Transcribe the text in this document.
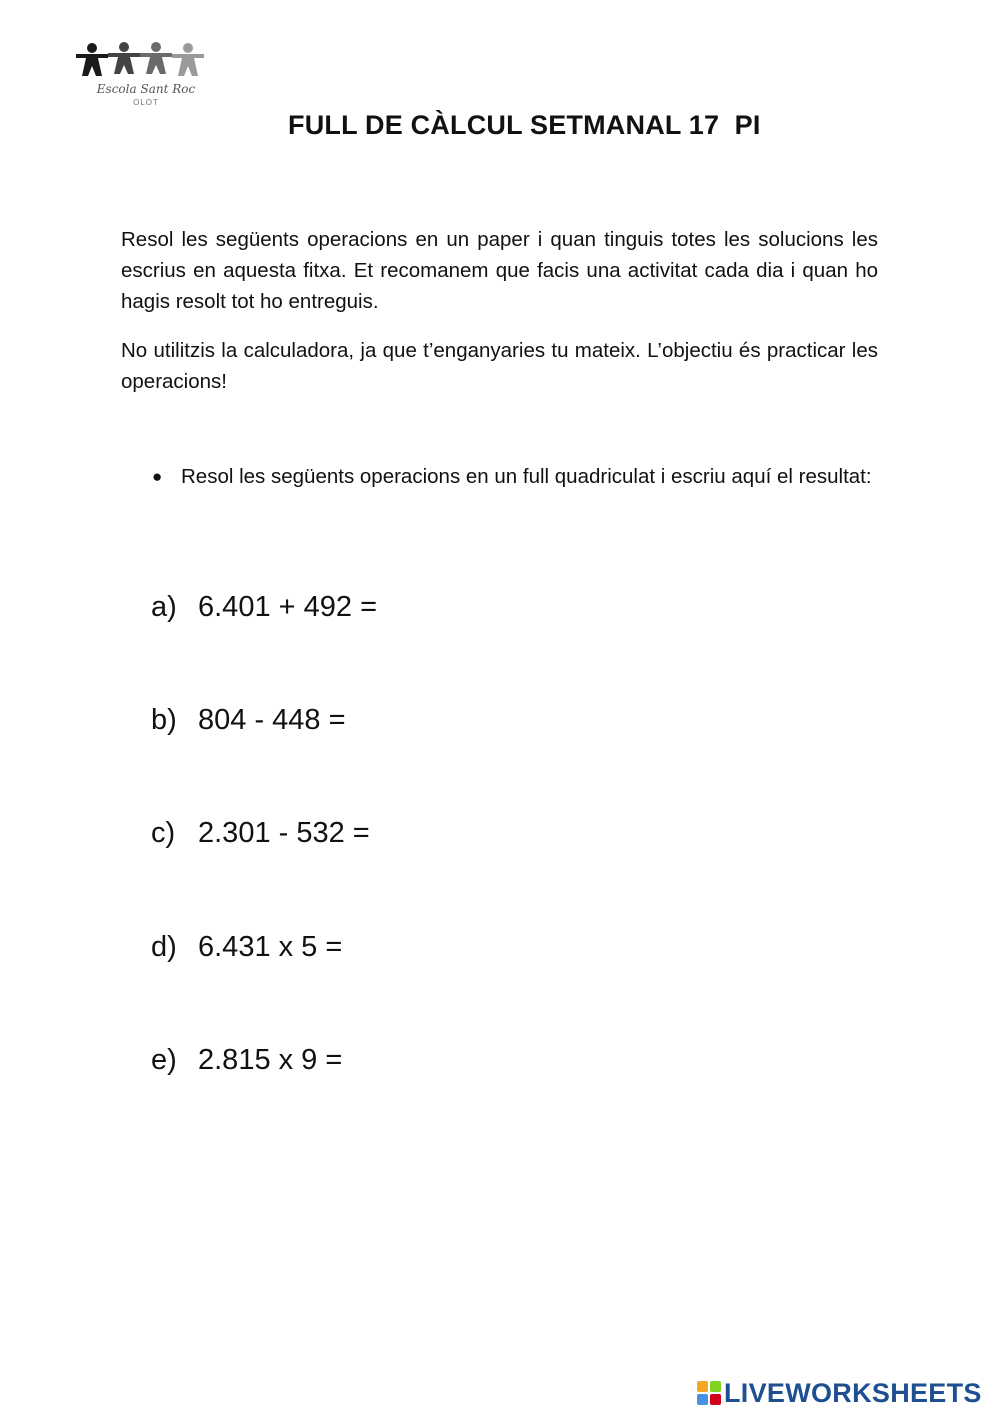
Escola Sant Roc
OLOT
FULL DE CÀLCUL SETMANAL 17  PI

Resol les següents operacions en un paper i quan tinguis totes les solucions les escrius en aquesta fitxa. Et recomanem que facis una activitat cada dia i quan ho hagis resolt tot ho entreguis.

No utilitzis la calculadora, ja que t’enganyaries tu mateix. L’objectiu és practicar les operacions!

● Resol les següents operacions en un full quadriculat i escriu aquí el resultat:

a) 6.401 + 492 =
b) 804 - 448 =
c) 2.301 - 532 =
d) 6.431 x 5 =
e) 2.815 x 9 =
LIVEWORKSHEETS
